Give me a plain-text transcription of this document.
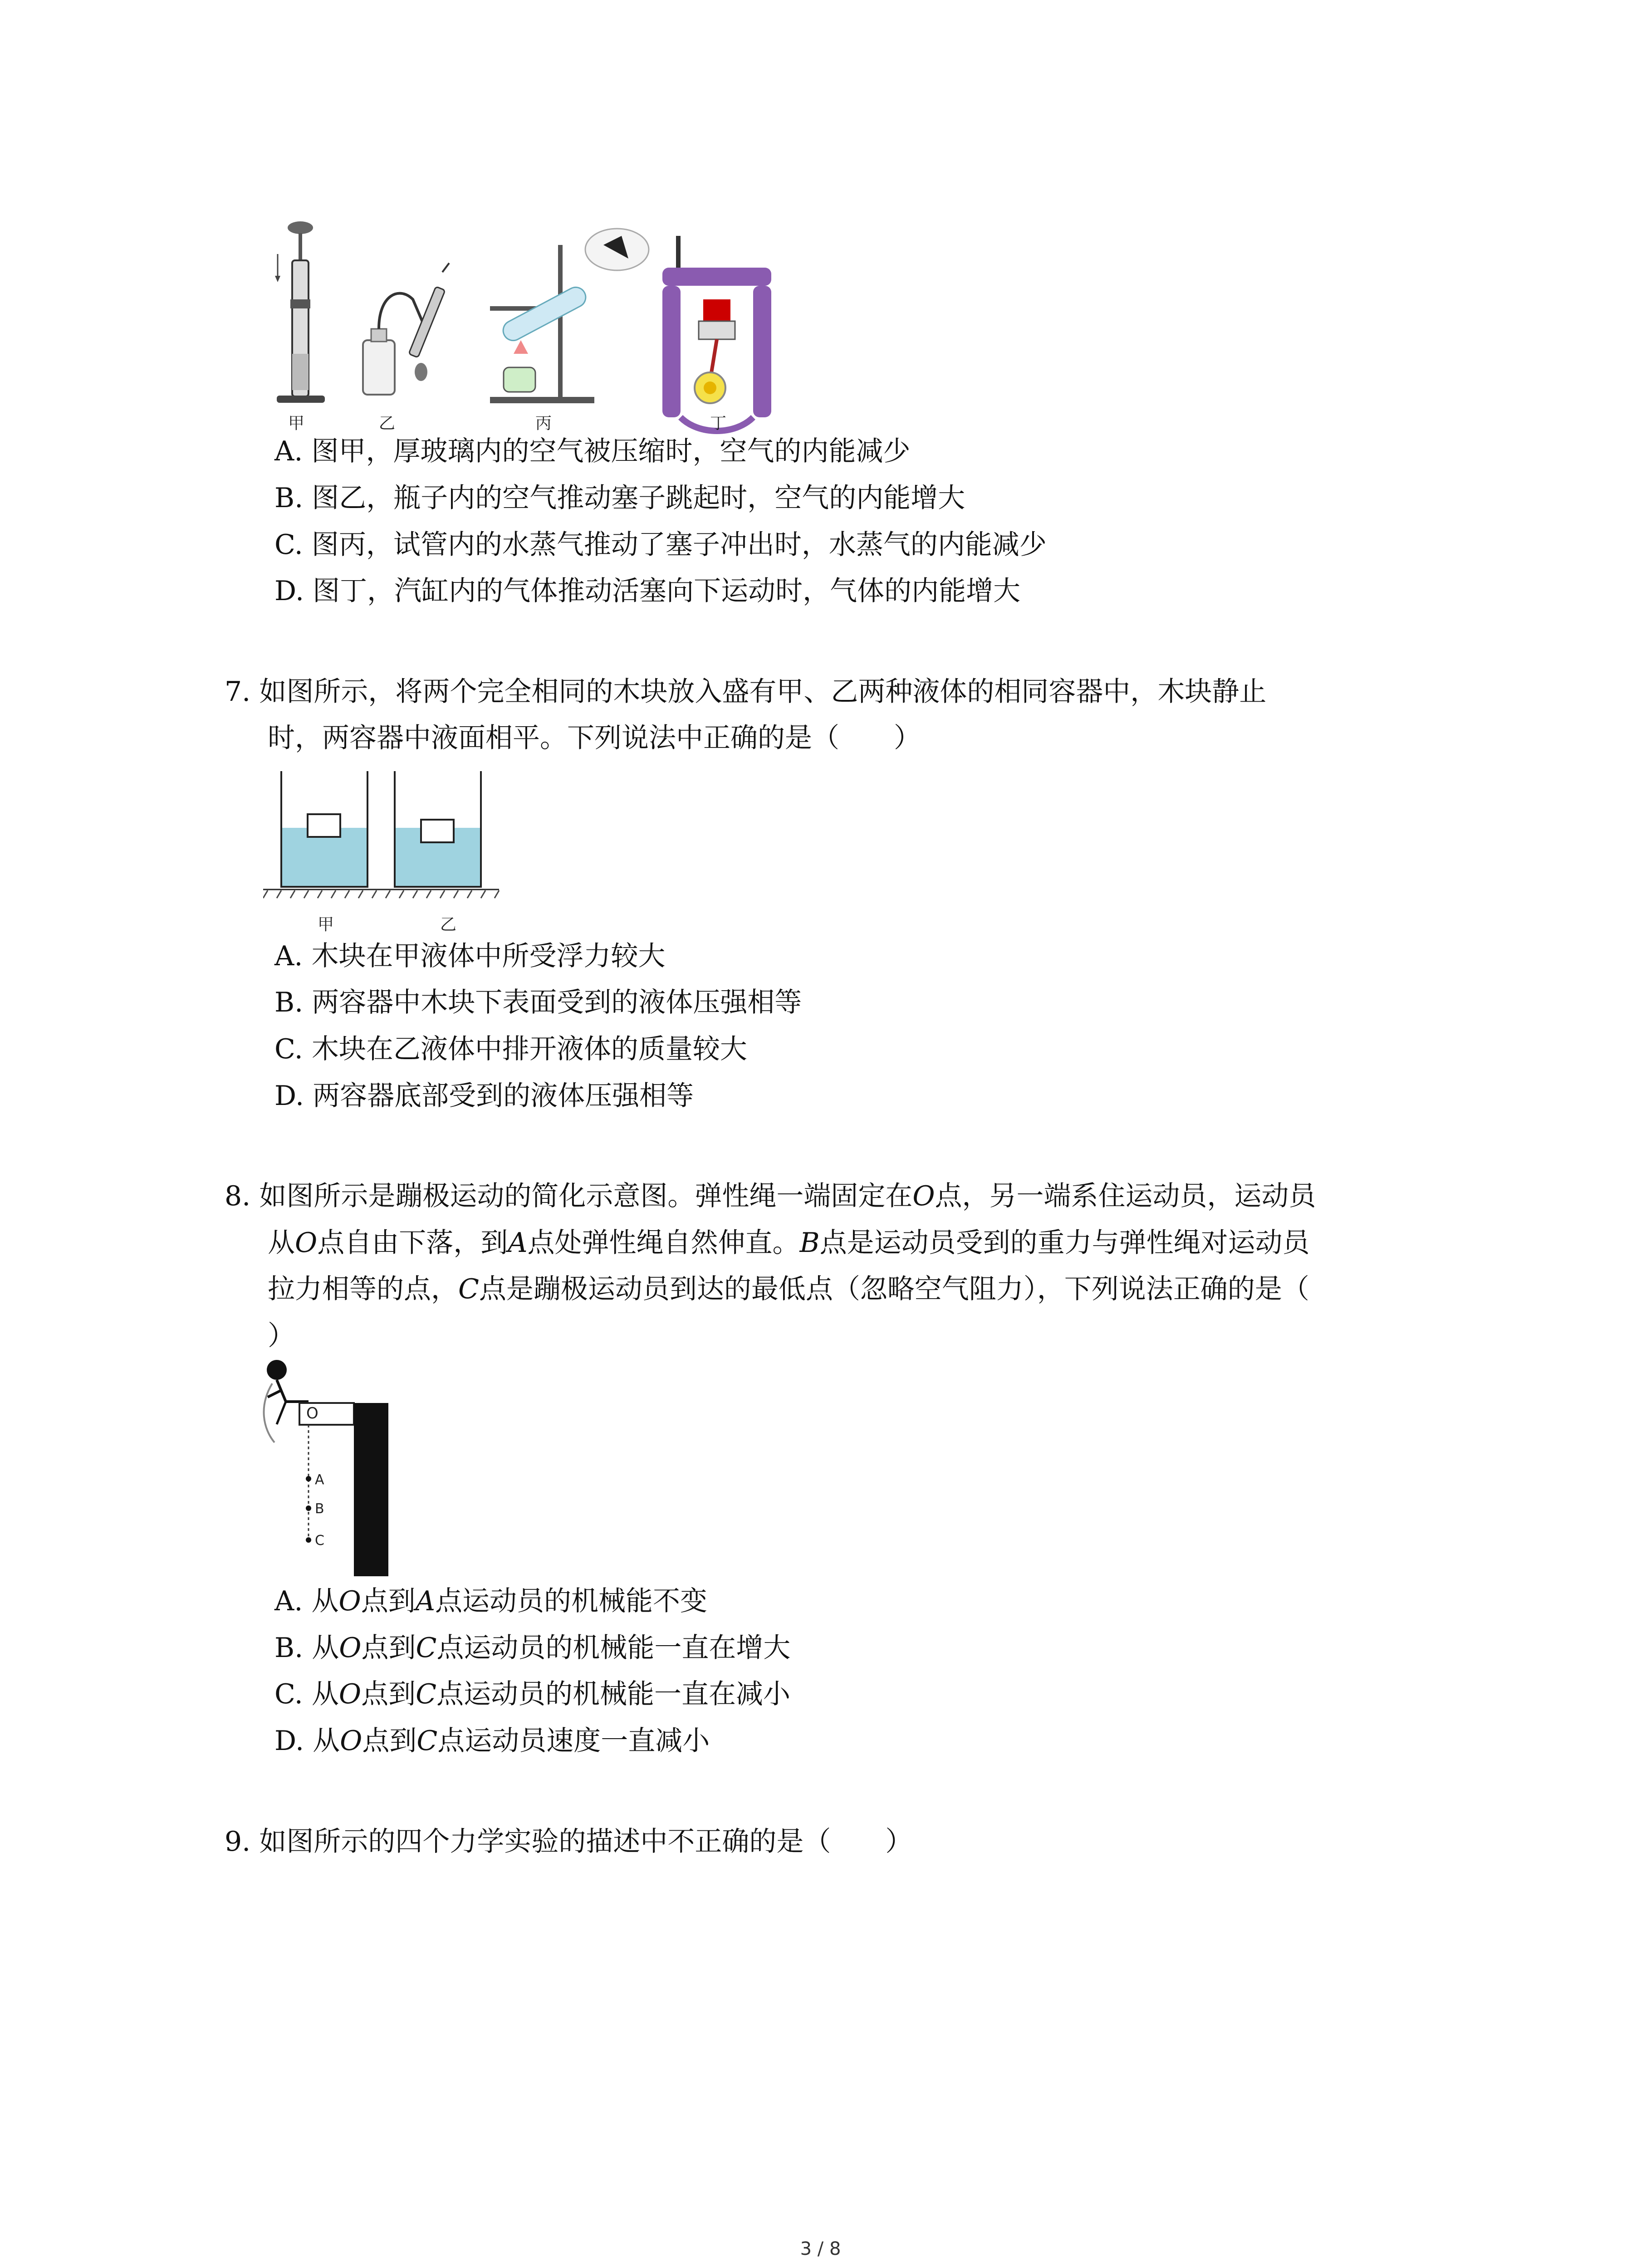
甲	乙	丙	丁
A. 图甲，厚玻璃内的空气被压缩时，空气的内能减少
B. 图乙，瓶子内的空气推动塞子跳起时，空气的内能增大
C. 图丙，试管内的水蒸气推动了塞子冲出时，水蒸气的内能减少
D. 图丁，汽缸内的气体推动活塞向下运动时，气体的内能增大
7. 如图所示，将两个完全相同的木块放入盛有甲、乙两种液体的相同容器中，木块静止
时，两容器中液面相平。下列说法中正确的是（　　）
甲	乙
A. 木块在甲液体中所受浮力较大
B. 两容器中木块下表面受到的液体压强相等
C. 木块在乙液体中排开液体的质量较大
D. 两容器底部受到的液体压强相等
8. 如图所示是蹦极运动的简化示意图。弹性绳一端固定在O点，另一端系住运动员，运动员
从O点自由下落，到A点处弹性绳自然伸直。B点是运动员受到的重力与弹性绳对运动员
拉力相等的点，C点是蹦极运动员到达的最低点（忽略空气阻力），下列说法正确的是（
）
O
A
B
C
A. 从O点到A点运动员的机械能不变
B. 从O点到C点运动员的机械能一直在增大
C. 从O点到C点运动员的机械能一直在减小
D. 从O点到C点运动员速度一直减小
9. 如图所示的四个力学实验的描述中不正确的是（　　）
3 / 8
